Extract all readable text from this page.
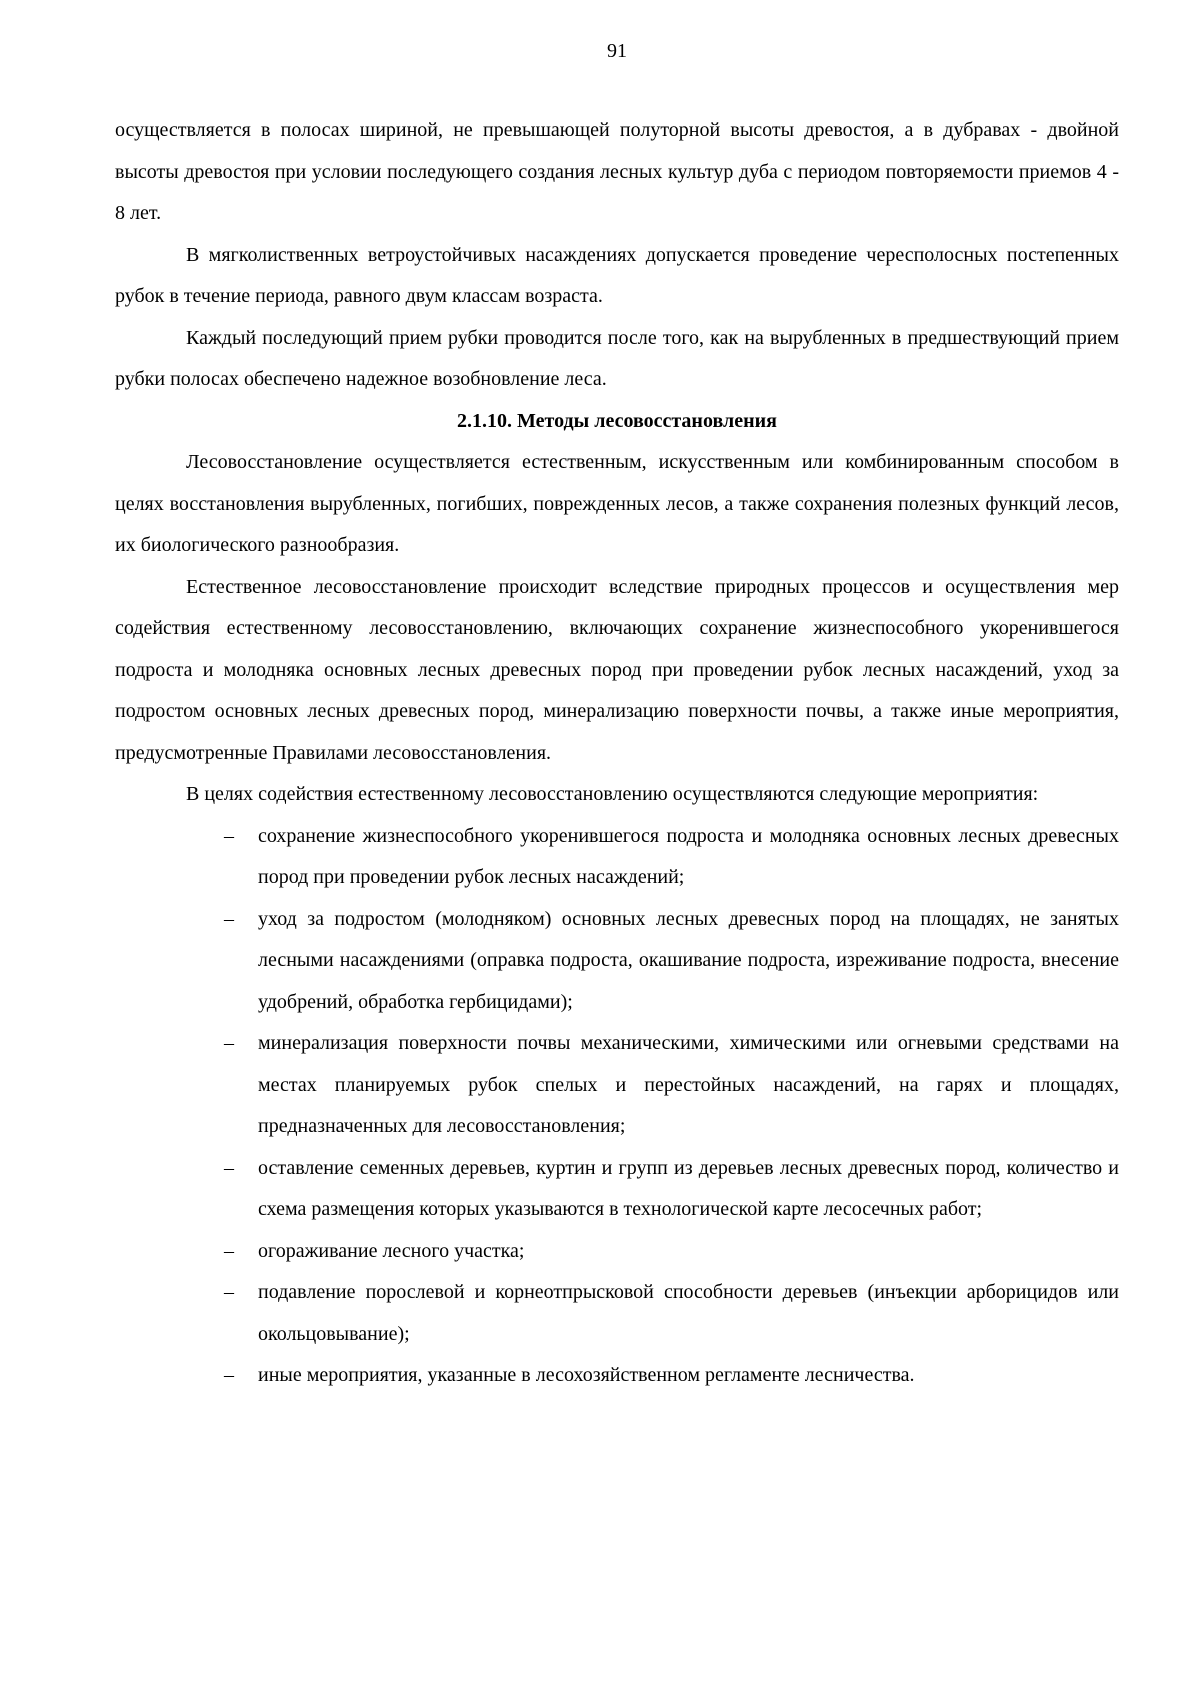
91

осуществляется в полосах шириной, не превышающей полуторной высоты древостоя, а в дубравах - двойной высоты древостоя при условии последующего создания лесных культур дуба с периодом повторяемости приемов 4 - 8 лет.

В мягколиственных ветроустойчивых насаждениях допускается проведение чересполосных постепенных рубок в течение периода, равного двум классам возраста.

Каждый последующий прием рубки проводится после того, как на вырубленных в предшествующий прием рубки полосах обеспечено надежное возобновление леса.

2.1.10. Методы лесовосстановления

Лесовосстановление осуществляется естественным, искусственным или комбинированным способом в целях восстановления вырубленных, погибших, поврежденных лесов, а также сохранения полезных функций лесов, их биологического разнообразия.

Естественное лесовосстановление происходит вследствие природных процессов и осуществления мер содействия естественному лесовосстановлению, включающих сохранение жизнеспособного укоренившегося подроста и молодняка основных лесных древесных пород при проведении рубок лесных насаждений, уход за подростом основных лесных древесных пород, минерализацию поверхности почвы, а также иные мероприятия, предусмотренные Правилами лесовосстановления.

В целях содействия естественному лесовосстановлению осуществляются следующие мероприятия:

– сохранение жизнеспособного укоренившегося подроста и молодняка основных лесных древесных пород при проведении рубок лесных насаждений;
– уход за подростом (молодняком) основных лесных древесных пород на площадях, не занятых лесными насаждениями (оправка подроста, окашивание подроста, изреживание подроста, внесение удобрений, обработка гербицидами);
– минерализация поверхности почвы механическими, химическими или огневыми средствами на местах планируемых рубок спелых и перестойных насаждений, на гарях и площадях, предназначенных для лесовосстановления;
– оставление семенных деревьев, куртин и групп из деревьев лесных древесных пород, количество и схема размещения которых указываются в технологической карте лесосечных работ;
– огораживание лесного участка;
– подавление порослевой и корнеотпрысковой способности деревьев (инъекции арборицидов или окольцовывание);
– иные мероприятия, указанные в лесохозяйственном регламенте лесничества.
